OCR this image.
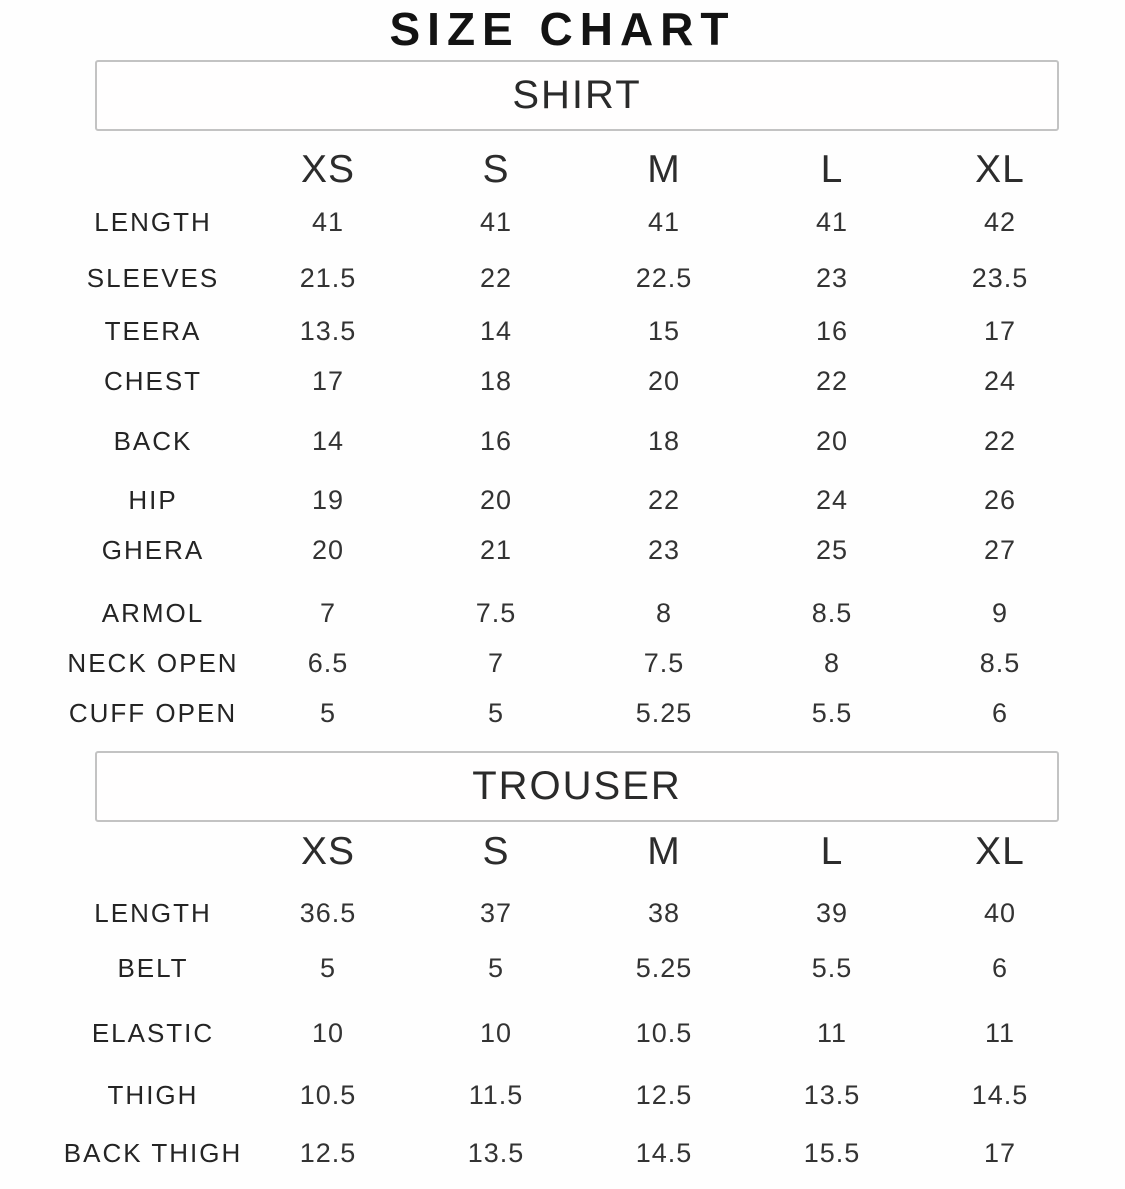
SIZE CHART
SHIRT
XS	S	M	L	XL
LENGTH	41	41	41	41	42
SLEEVES	21.5	22	22.5	23	23.5
TEERA	13.5	14	15	16	17
CHEST	17	18	20	22	24
BACK	14	16	18	20	22
HIP	19	20	22	24	26
GHERA	20	21	23	25	27
ARMOL	7	7.5	8	8.5	9
NECK OPEN	6.5	7	7.5	8	8.5
CUFF OPEN	5	5	5.25	5.5	6
TROUSER
XS	S	M	L	XL
LENGTH	36.5	37	38	39	40
BELT	5	5	5.25	5.5	6
ELASTIC	10	10	10.5	11	11
THIGH	10.5	11.5	12.5	13.5	14.5
BACK THIGH	12.5	13.5	14.5	15.5	17
